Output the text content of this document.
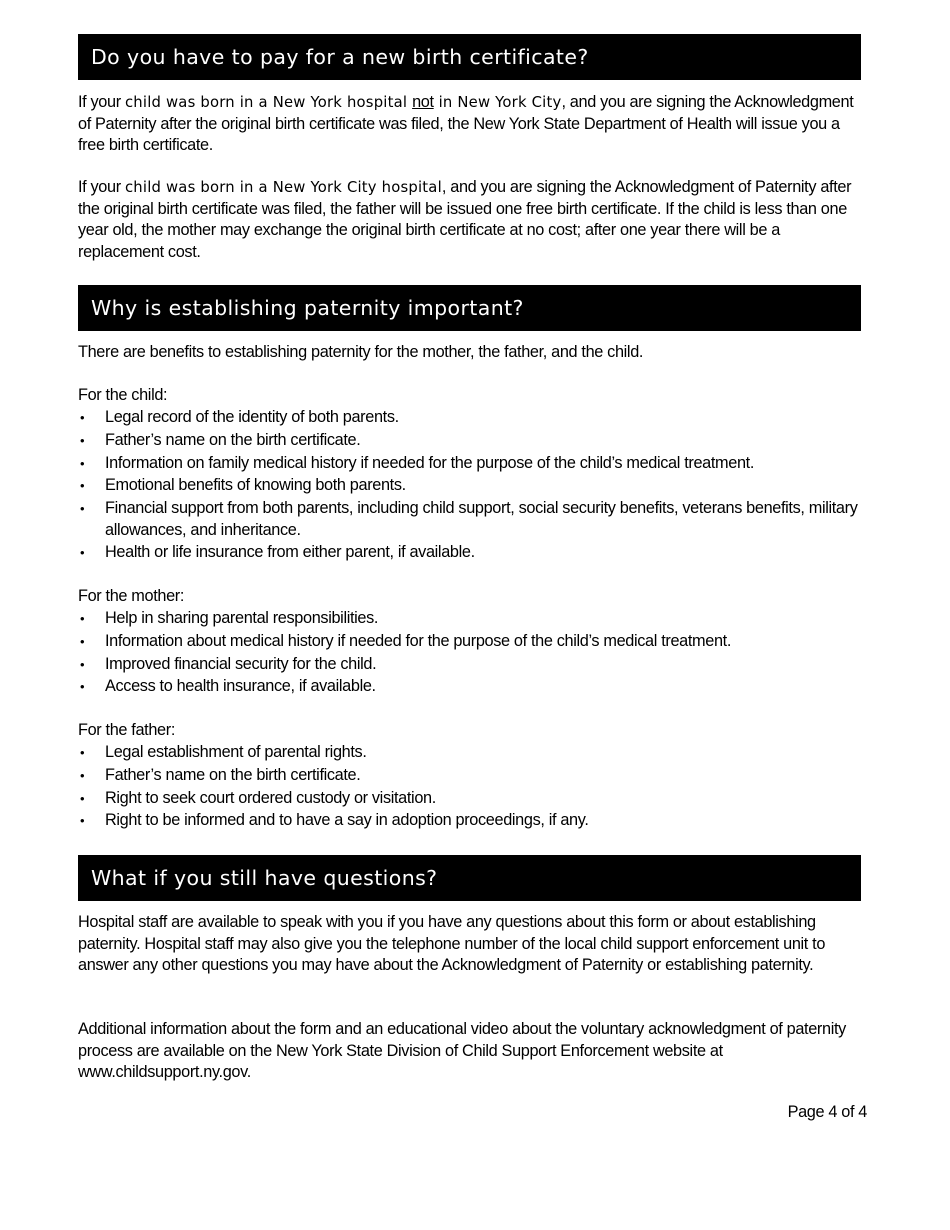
Do you have to pay for a new birth certificate?

If your child was born in a New York hospital not in New York City, and you are signing the Acknowledgment of Paternity after the original birth certificate was filed, the New York State Department of Health will issue you a free birth certificate.

If your child was born in a New York City hospital, and you are signing the Acknowledgment of Paternity after the original birth certificate was filed, the father will be issued one free birth certificate. If the child is less than one year old, the mother may exchange the original birth certificate at no cost; after one year there will be a replacement cost.

Why is establishing paternity important?

There are benefits to establishing paternity for the mother, the father, and the child.

For the child:

• Legal record of the identity of both parents.
• Father’s name on the birth certificate.
• Information on family medical history if needed for the purpose of the child’s medical treatment.
• Emotional benefits of knowing both parents.
• Financial support from both parents, including child support, social security benefits, veterans benefits, military allowances, and inheritance.
• Health or life insurance from either parent, if available.

For the mother:

• Help in sharing parental responsibilities.
• Information about medical history if needed for the purpose of the child’s medical treatment.
• Improved financial security for the child.
• Access to health insurance, if available.

For the father:

• Legal establishment of parental rights.
• Father’s name on the birth certificate.
• Right to seek court ordered custody or visitation.
• Right to be informed and to have a say in adoption proceedings, if any.
What if you still have questions?

Hospital staff are available to speak with you if you have any questions about this form or about establishing paternity. Hospital staff may also give you the telephone number of the local child support enforcement unit to answer any other questions you may have about the Acknowledgment of Paternity or establishing paternity.

Additional information about the form and an educational video about the voluntary acknowledgment of paternity process are available on the New York State Division of Child Support Enforcement website at www.childsupport.ny.gov.

Page 4 of 4
